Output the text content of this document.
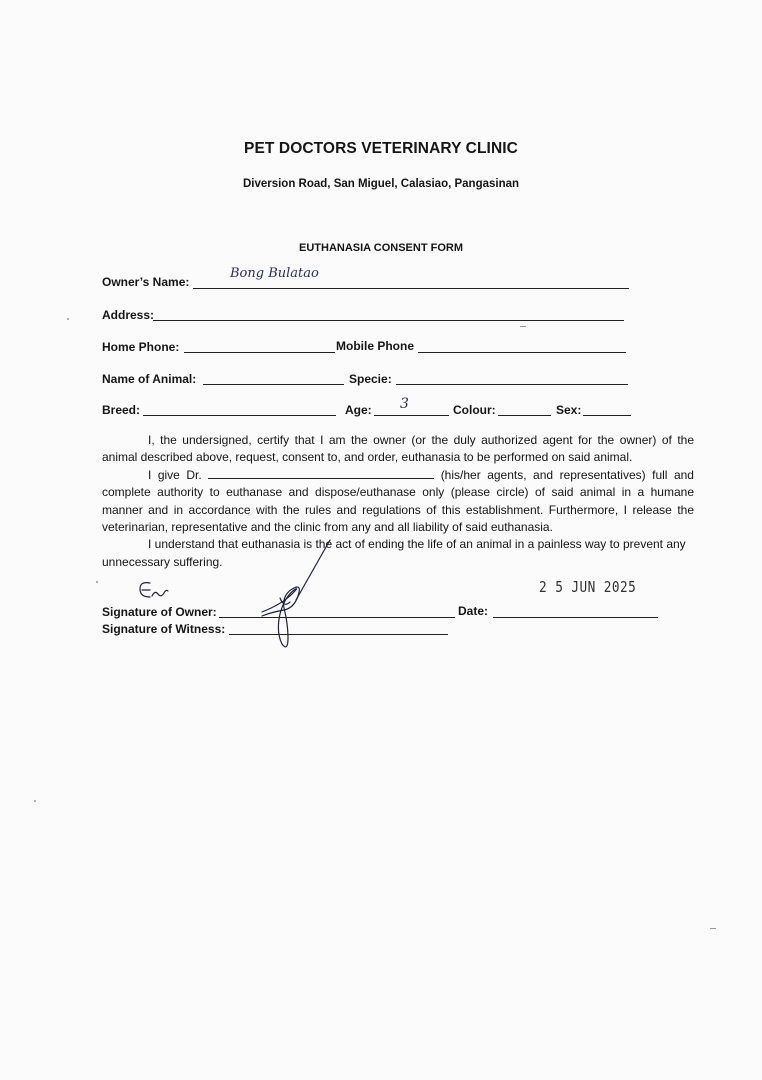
PET DOCTORS VETERINARY CLINIC
Diversion Road, San Miguel, Calasiao, Pangasinan
EUTHANASIA CONSENT FORM
Owner’s Name:
Bong Bulatao
Address:
Home Phone:	Mobile Phone
Name of Animal:	Specie:
Breed:	Age: 3	Colour:	Sex:

I, the undersigned, certify that I am the owner (or the duly authorized agent for the owner) of the animal described above, request, consent to, and order, euthanasia to be performed on said animal.

I give Dr.	(his/her agents, and representatives) full and complete authority to euthanase and dispose/euthanase only (please circle) of said animal in a humane manner and in accordance with the rules and regulations of this establishment. Furthermore, I release the veterinarian, representative and the clinic from any and all liability of said euthanasia.

I understand that euthanasia is the act of ending the life of an animal in a painless way to prevent any unnecessary suffering.

Signature of Owner:	Date:
2 5 JUN 2025
Signature of Witness:
